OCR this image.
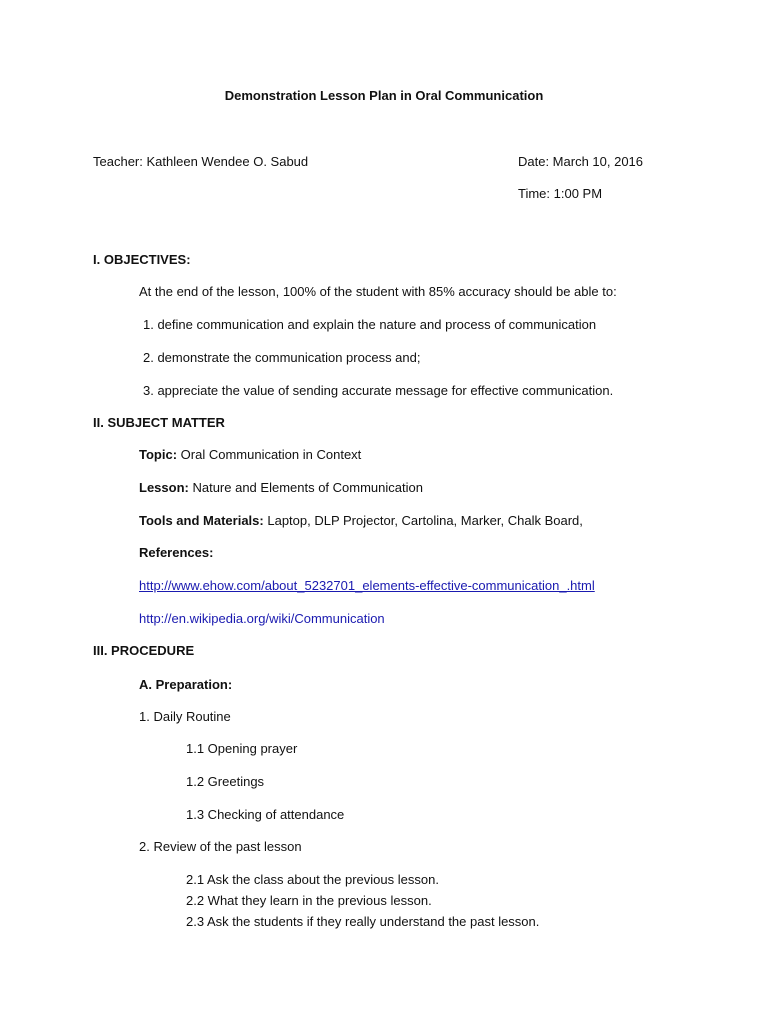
Demonstration Lesson Plan in Oral Communication
Teacher: Kathleen Wendee O. Sabud	Date: March 10, 2016
Time: 1:00 PM
I. OBJECTIVES:
At the end of the lesson, 100% of the student with 85% accuracy should be able to:
1. define communication and explain the nature and process of communication
2. demonstrate the communication process and;
3. appreciate the value of sending accurate message for effective communication.
II. SUBJECT MATTER
Topic: Oral Communication in Context
Lesson: Nature and Elements of Communication
Tools and Materials: Laptop, DLP Projector, Cartolina, Marker, Chalk Board,
References:
http://www.ehow.com/about_5232701_elements-effective-communication_.html
http://en.wikipedia.org/wiki/Communication
III. PROCEDURE
A. Preparation:
1. Daily Routine
1.1 Opening prayer
1.2 Greetings
1.3 Checking of attendance
2. Review of the past lesson
2.1 Ask the class about the previous lesson.
2.2 What they learn in the previous lesson.
2.3 Ask the students if they really understand the past lesson.
